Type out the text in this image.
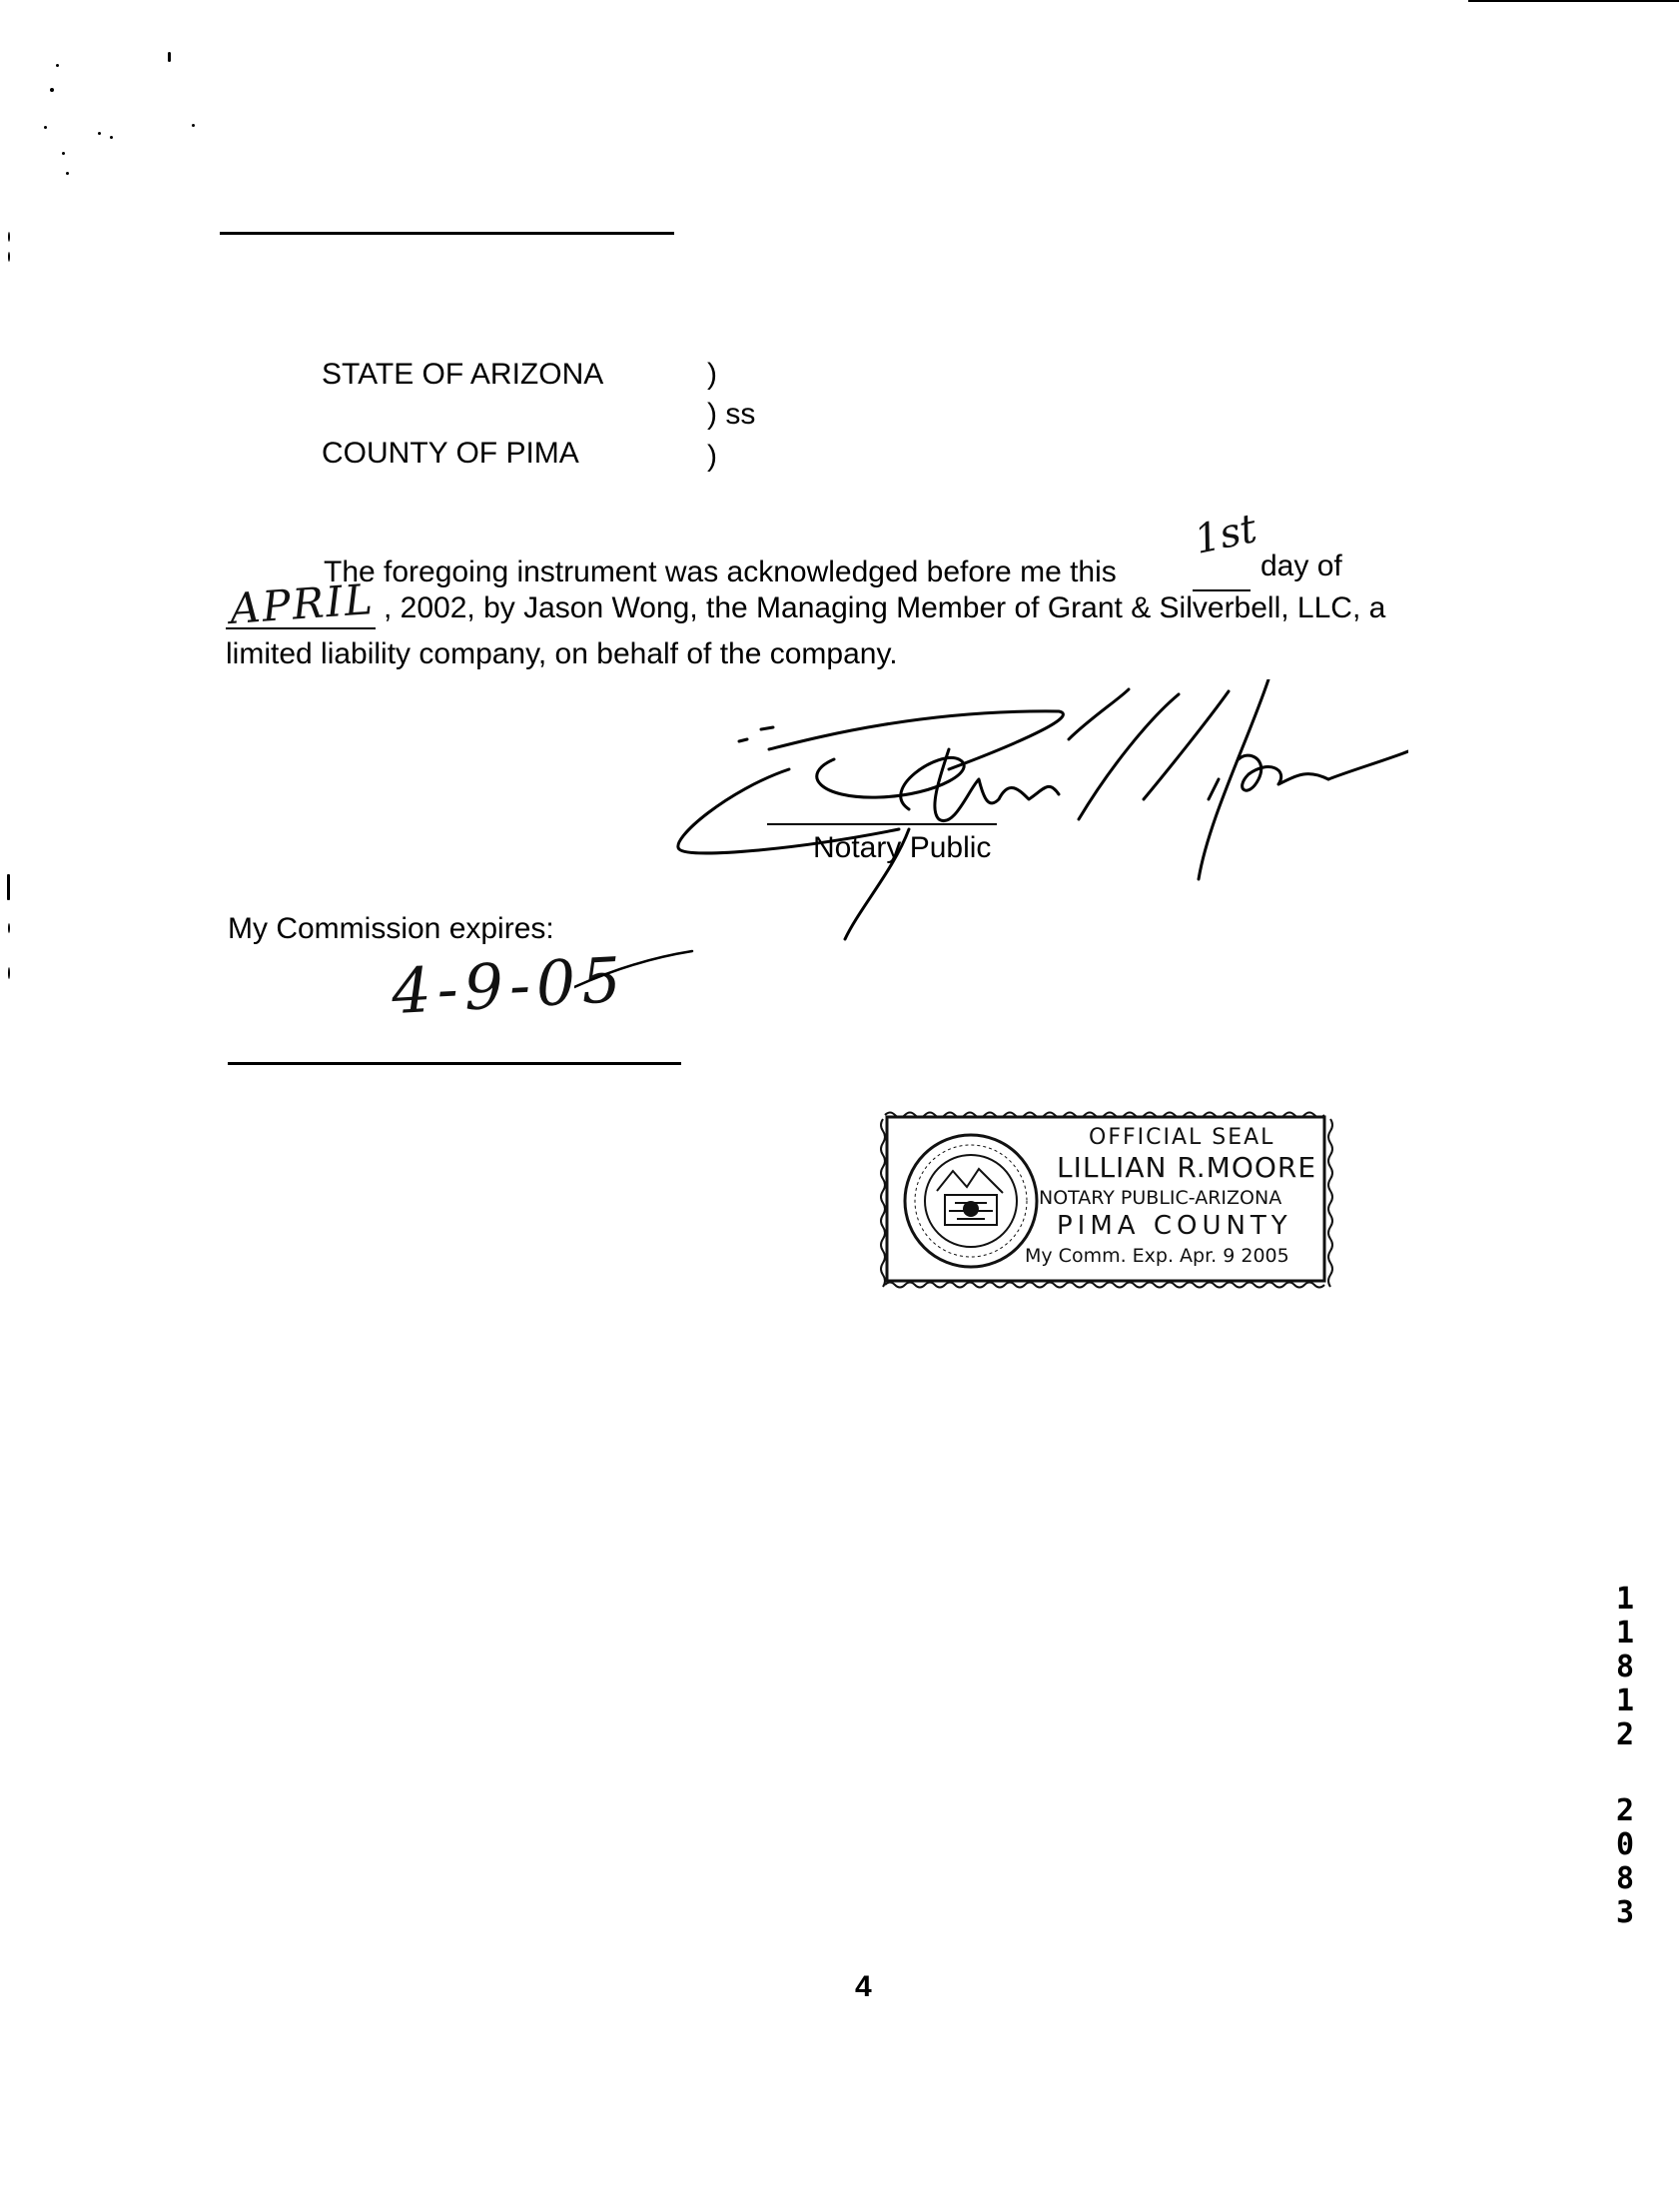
STATE OF ARIZONA	)
) ss
COUNTY OF PIMA	)
The foregoing instrument was acknowledged before me this
1st
day of
APRIL , 2002, by Jason Wong, the Managing Member of Grant & Silverbell, LLC, a
limited liability company, on behalf of the company.
Lillian Moore
Notary Public
My Commission expires:
4-9-05
OFFICIAL SEAL
LILLIAN R.MOORE
NOTARY PUBLIC-ARIZONA
PIMA COUNTY
My Comm. Exp. Apr. 9 2005
4
1
1
8
1
2
2
0
8
3
